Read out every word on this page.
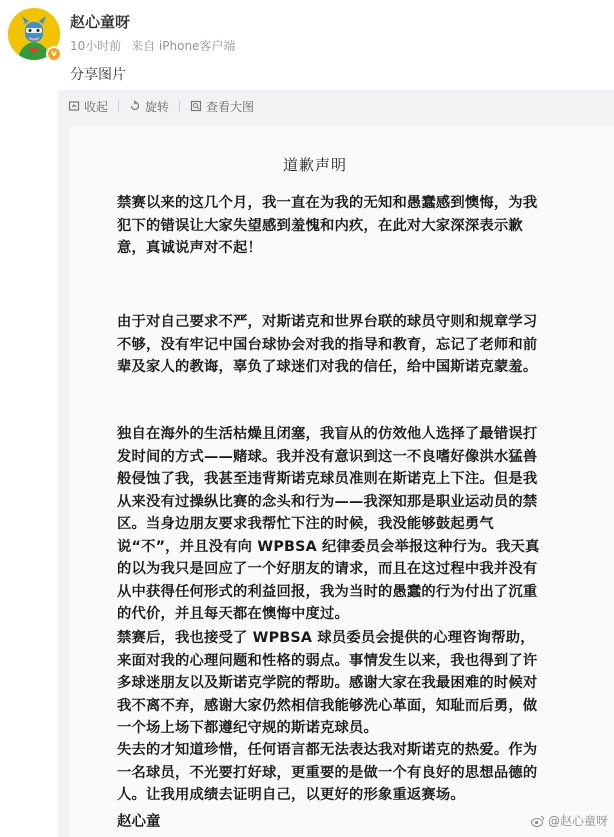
v
赵心童呀
10小时前 来自 iPhone客户端
分享图片
收起	旋转	查看大图
道歉声明
禁赛以来的这几个月，我一直在为我的无知和愚蠢感到懊悔，为我犯下的错误让大家失望感到羞愧和内疚，在此对大家深深表示歉意，真诚说声对不起！
由于对自己要求不严，对斯诺克和世界台联的球员守则和规章学习不够，没有牢记中国台球协会对我的指导和教育，忘记了老师和前辈及家人的教诲，辜负了球迷们对我的信任，给中国斯诺克蒙羞。
独自在海外的生活枯燥且闭塞，我盲从的仿效他人选择了最错误打发时间的方式——赌球。我并没有意识到这一不良嗜好像洪水猛兽般侵蚀了我，我甚至违背斯诺克球员准则在斯诺克上下注。但是我从来没有过操纵比赛的念头和行为——我深知那是职业运动员的禁区。当身边朋友要求我帮忙下注的时候，我没能够鼓起勇气说“不”，并且没有向 WPBSA 纪律委员会举报这种行为。我天真的以为我只是回应了一个好朋友的请求，而且在这过程中我并没有从中获得任何形式的利益回报，我为当时的愚蠢的行为付出了沉重的代价，并且每天都在懊悔中度过。
禁赛后，我也接受了 WPBSA 球员委员会提供的心理咨询帮助，来面对我的心理问题和性格的弱点。事情发生以来，我也得到了许多球迷朋友以及斯诺克学院的帮助。感谢大家在我最困难的时候对我不离不弃，感谢大家仍然相信我能够洗心革面，知耻而后勇，做一个场上场下都遵纪守规的斯诺克球员。
失去的才知道珍惜，任何语言都无法表达我对斯诺克的热爱。作为一名球员，不光要打好球，更重要的是做一个有良好的思想品德的人。让我用成绩去证明自己，以更好的形象重返赛场。
赵心童	@赵心童呀
